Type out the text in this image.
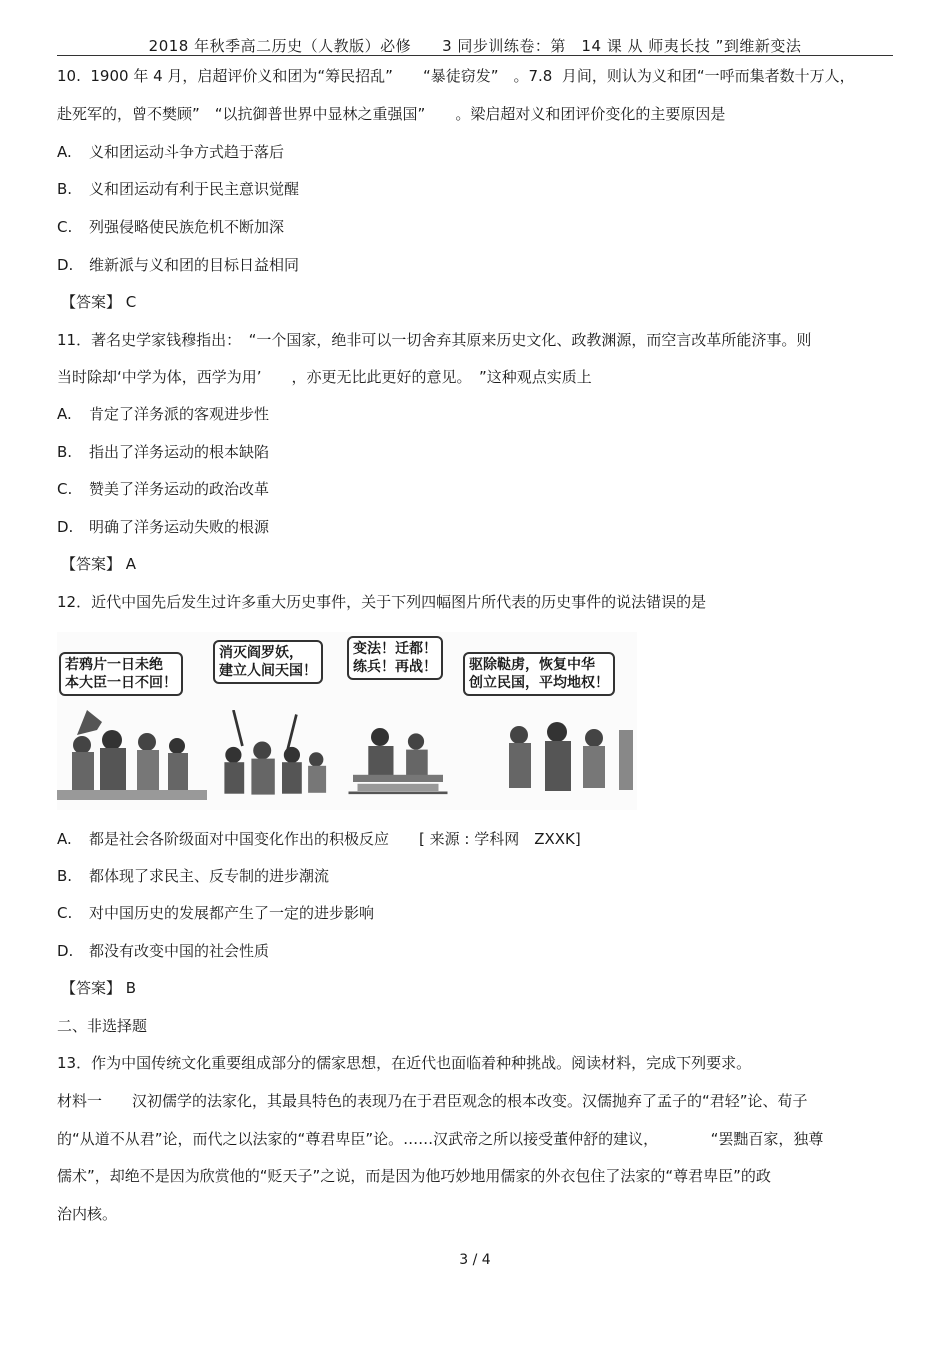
2018 年秋季高二历史（人教版）必修　　3 同步训练卷：第　14 课 从 师夷长技 ”到维新变法
10.  1900 年 4 月，启超评价义和团为“筹民招乱”　　“暴徒窃发”　。7.8  月间，则认为义和团“一呼而集者数十万人，
赴死军的，曾不樊顾”　“以抗御普世界中显林之重强国”　　。梁启超对义和团评价变化的主要原因是
A. 义和团运动斗争方式趋于落后
B. 义和团运动有利于民主意识觉醒
C. 列强侵略使民族危机不断加深
D. 维新派与义和团的目标日益相同
【答案】 C
11．著名史学家钱穆指出：　“一个国家，绝非可以一切舍弃其原来历史文化、政教渊源，而空言改革所能济事。则
当时除却‘中学为体，西学为用’　　，亦更无比此更好的意见。　”这种观点实质上
A. 肯定了洋务派的客观进步性
B. 指出了洋务运动的根本缺陷
C. 赞美了洋务运动的政治改革
D. 明确了洋务运动失败的根源
【答案】 A
12．近代中国先后发生过许多重大历史事件，关于下列四幅图片所代表的历史事件的说法错误的是
若鸦片一日未绝
本大臣一日不回！
消灭阎罗妖，
建立人间天国！
变法！迁都！
练兵！再战！ 驱除鞑虏，恢复中华
创立民国，平均地权！
A. 都是社会各阶级面对中国变化作出的积极反应　　[ 来源 : 学科网　ZXXK]
B. 都体现了求民主、反专制的进步潮流
C. 对中国历史的发展都产生了一定的进步影响
D. 都没有改变中国的社会性质
【答案】 B
二、非选择题
13．作为中国传统文化重要组成部分的儒家思想，在近代也面临着种种挑战。阅读材料，完成下列要求。
材料一　　汉初儒学的法家化，其最具特色的表现乃在于君臣观念的根本改变。汉儒抛弃了孟子的“君轻”论、荀子
的“从道不从君”论，而代之以法家的“尊君卑臣”论。……汉武帝之所以接受董仲舒的建议，　　　　“罢黜百家，独尊
儒术”，却绝不是因为欣赏他的“贬天子”之说，而是因为他巧妙地用儒家的外衣包住了法家的“尊君卑臣”的政
治内核。
3 / 4
